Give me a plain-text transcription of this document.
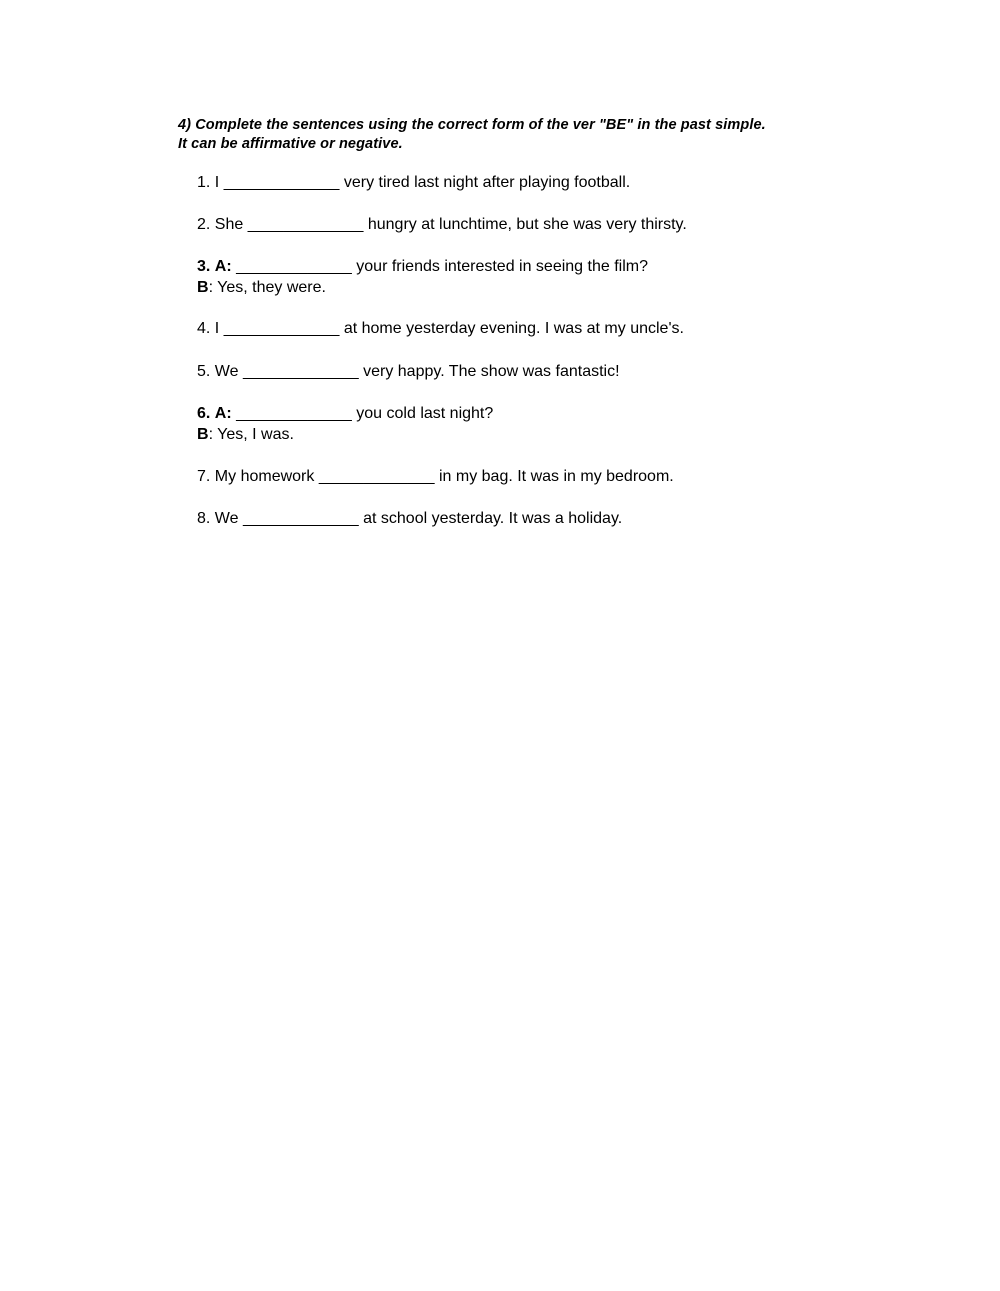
4) Complete the sentences using the correct form of the ver "BE" in the past simple.
It can be affirmative or negative.
1. I _____________ very tired last night after playing football.
2. She _____________ hungry at lunchtime, but she was very thirsty.
3. A: _____________ your friends interested in seeing the film?
B: Yes, they were.
4. I _____________ at home yesterday evening. I was at my uncle's.
5. We _____________ very happy. The show was fantastic!
6. A: _____________ you cold last night?
B: Yes, I was.
7. My homework _____________ in my bag. It was in my bedroom.
8. We _____________ at school yesterday. It was a holiday.
